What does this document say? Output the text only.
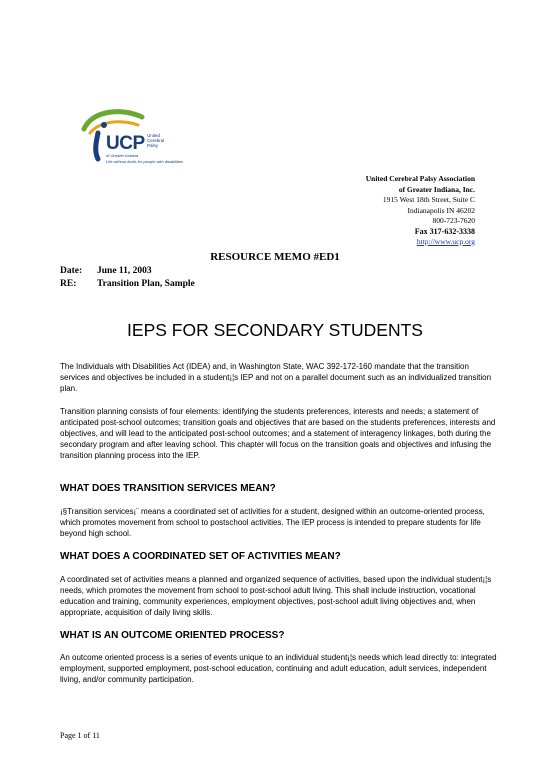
UCP United
Cerebral
Palsy
of Greater Indiana
Life without limits for people with disabilities
United Cerebral Palsy Association
of Greater Indiana, Inc.
1915 West 18th Street, Suite C
Indianapolis IN 46202
800-723-7620
Fax 317-632-3338
http://www.ucp.org
RESOURCE MEMO #ED1
Date: June 11, 2003
RE: Transition Plan, Sample
IEPS FOR SECONDARY STUDENTS
The Individuals with Disabilities Act (IDEA) and, in Washington State, WAC 392-172-160 mandate that the transition services and objectives be included in a student¡¦s IEP and not on a parallel document such as an individualized transition plan.
Transition planning consists of four elements: identifying the students preferences, interests and needs; a statement of anticipated post-school outcomes; transition goals and objectives that are based on the students preferences, interests and objectives, and will lead to the anticipated post-school outcomes; and a statement of interagency linkages, both during the secondary program and after leaving school. This chapter will focus on the transition goals and objectives and infusing the transition planning process into the IEP.
WHAT DOES TRANSITION SERVICES MEAN?
¡§Transition services¡¨ means a coordinated set of activities for a student, designed within an outcome-oriented process, which promotes movement from school to postschool activities. The IEP process is intended to prepare students for life beyond high school.
WHAT DOES A COORDINATED SET OF ACTIVITIES MEAN?
A coordinated set of activities means a planned and organized sequence of activities, based upon the individual student¡¦s needs, which promotes the movement from school to post-school adult living. This shall include instruction, vocational education and training, community experiences, employment objectives, post-school adult living objectives and, when appropriate, acquisition of daily living skills.
WHAT IS AN OUTCOME ORIENTED PROCESS?
An outcome oriented process is a series of events unique to an individual student¡¦s needs which lead directly to: integrated employment, supported employment, post-school education, continuing and adult education, adult services, independent living, and/or community participation.
Page 1 of 11
